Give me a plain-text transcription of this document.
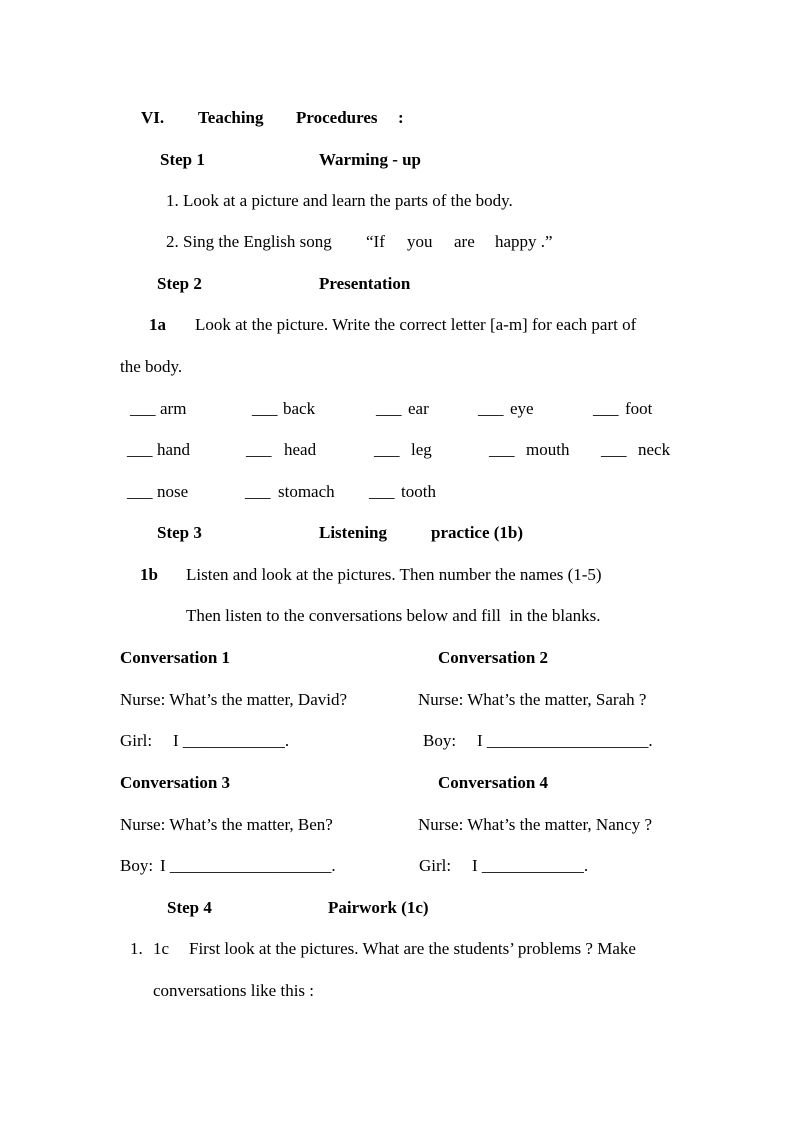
VI. Teaching Procedures :
Step 1	Warming - up
1. Look at a picture and learn the parts of the body.
2. Sing the English song “If you are happy .”
Step 2	Presentation
1a Look at the picture. Write the correct letter [a-m] for each part of
the body.
___ arm	___ back	___ ear	___ eye	___ foot
___ hand	___ head	___ leg	___ mouth ___ neck
___ nose	___ stomach ___ tooth
Step 3	Listening	practice (1b)
1b Listen and look at the pictures. Then number the names (1-5)
Then listen to the conversations below and fill  in the blanks.
Conversation 1	Conversation 2
Nurse: What’s the matter, David?	Nurse: What’s the matter, Sarah ?
Girl: I ____________.	Boy: I ___________________.
Conversation 3	Conversation 4
Nurse: What’s the matter, Ben?	Nurse: What’s the matter, Nancy ?
Boy: I ___________________.	Girl: I ____________.
Step 4	Pairwork (1c)
1. 1c First look at the pictures. What are the students’ problems ? Make
conversations like this :
